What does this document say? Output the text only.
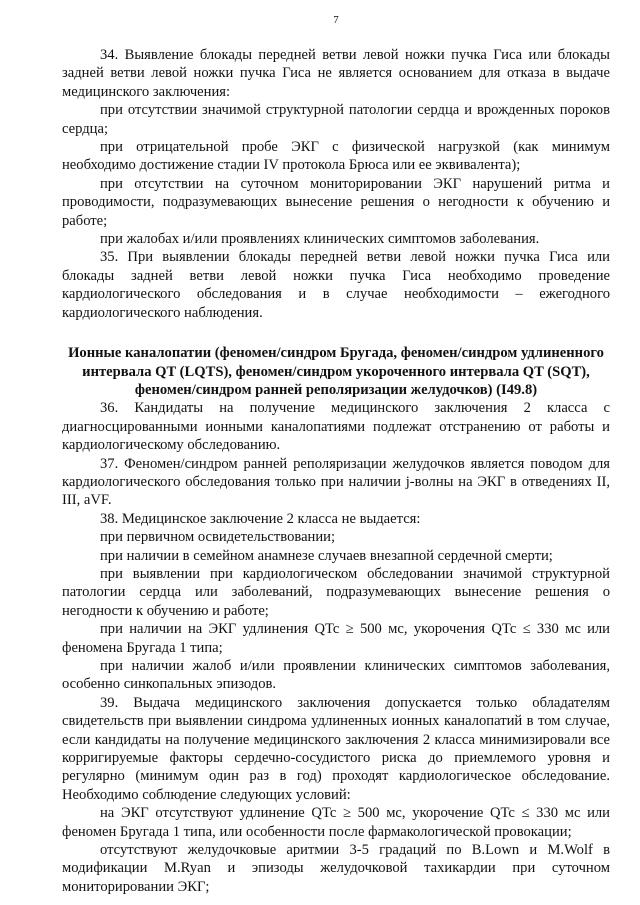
7

34. Выявление блокады передней ветви левой ножки пучка Гиса или блокады задней ветви левой ножки пучка Гиса не является основанием для отказа в выдаче медицинского заключения:

при отсутствии значимой структурной патологии сердца и врожденных пороков сердца;

при отрицательной пробе ЭКГ с физической нагрузкой (как минимум необходимо достижение стадии IV протокола Брюса или ее эквивалента);

при отсутствии на суточном мониторировании ЭКГ нарушений ритма и проводимости, подразумевающих вынесение решения о негодности к обучению и работе;

при жалобах и/или проявлениях клинических симптомов заболевания.

35. При выявлении блокады передней ветви левой ножки пучка Гиса или блокады задней ветви левой ножки пучка Гиса необходимо проведение кардиологического обследования и в случае необходимости – ежегодного кардиологического наблюдения.

Ионные каналопатии (феномен/синдром Бругада, феномен/синдром удлиненного интервала QT (LQTS), феномен/синдром укороченного интервала QT (SQT), феномен/синдром ранней реполяризации желудочков) (I49.8)

36. Кандидаты на получение медицинского заключения 2 класса с диагносцированными ионными каналопатиями подлежат отстранению от работы и кардиологическому обследованию.

37. Феномен/синдром ранней реполяризации желудочков является поводом для кардиологического обследования только при наличии j-волны на ЭКГ в отведениях II, III, aVF.

38. Медицинское заключение 2 класса не выдается:

при первичном освидетельствовании;

при наличии в семейном анамнезе случаев внезапной сердечной смерти;

при выявлении при кардиологическом обследовании значимой структурной патологии сердца или заболеваний, подразумевающих вынесение решения о негодности к обучению и работе;

при наличии на ЭКГ удлинения QTc ≥ 500 мс, укорочения QTc ≤ 330 мс или феномена Бругада 1 типа;

при наличии жалоб и/или проявлении клинических симптомов заболевания, особенно синкопальных эпизодов.

39. Выдача медицинского заключения допускается только обладателям свидетельств при выявлении синдрома удлиненных ионных каналопатий в том случае, если кандидаты на получение медицинского заключения 2 класса минимизировали все корригируемые факторы сердечно-сосудистого риска до приемлемого уровня и регулярно (минимум один раз в год) проходят кардиологическое обследование. Необходимо соблюдение следующих условий:

на ЭКГ отсутствуют удлинение QTc ≥ 500 мс, укорочение QTc ≤ 330 мс или феномен Бругада 1 типа, или особенности после фармакологической провокации;

отсутствуют желудочковые аритмии 3-5 градаций по B.Lown и M.Wolf в модификации M.Ryan и эпизоды желудочковой тахикардии при суточном мониторировании ЭКГ;
